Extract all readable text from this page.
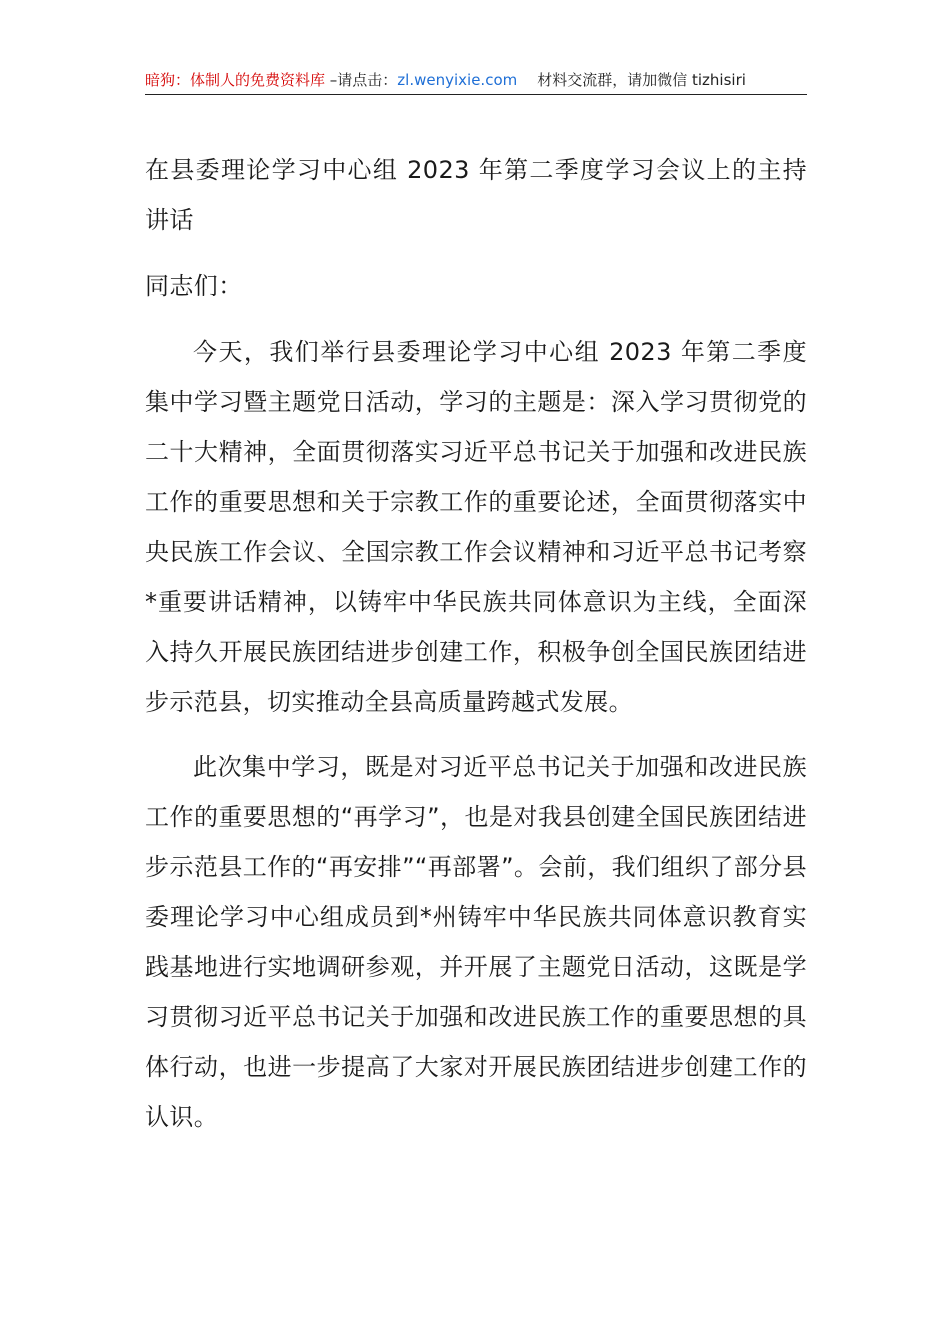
暗狗：体制人的免费资料库 –请点击：zl.wenyixie.com 材料交流群，请加微信 tizhisiri

在县委理论学习中心组 2023 年第二季度学习会议上的主持讲话

同志们：

今天，我们举行县委理论学习中心组 2023 年第二季度集中学习暨主题党日活动，学习的主题是：深入学习贯彻党的二十大精神，全面贯彻落实习近平总书记关于加强和改进民族工作的重要思想和关于宗教工作的重要论述，全面贯彻落实中央民族工作会议、全国宗教工作会议精神和习近平总书记考察*重要讲话精神，以铸牢中华民族共同体意识为主线，全面深入持久开展民族团结进步创建工作，积极争创全国民族团结进步示范县，切实推动全县高质量跨越式发展。

此次集中学习，既是对习近平总书记关于加强和改进民族工作的重要思想的“再学习”，也是对我县创建全国民族团结进步示范县工作的“再安排”“再部署”。会前，我们组织了部分县委理论学习中心组成员到*州铸牢中华民族共同体意识教育实践基地进行实地调研参观，并开展了主题党日活动，这既是学习贯彻习近平总书记关于加强和改进民族工作的重要思想的具体行动，也进一步提高了大家对开展民族团结进步创建工作的认识。
